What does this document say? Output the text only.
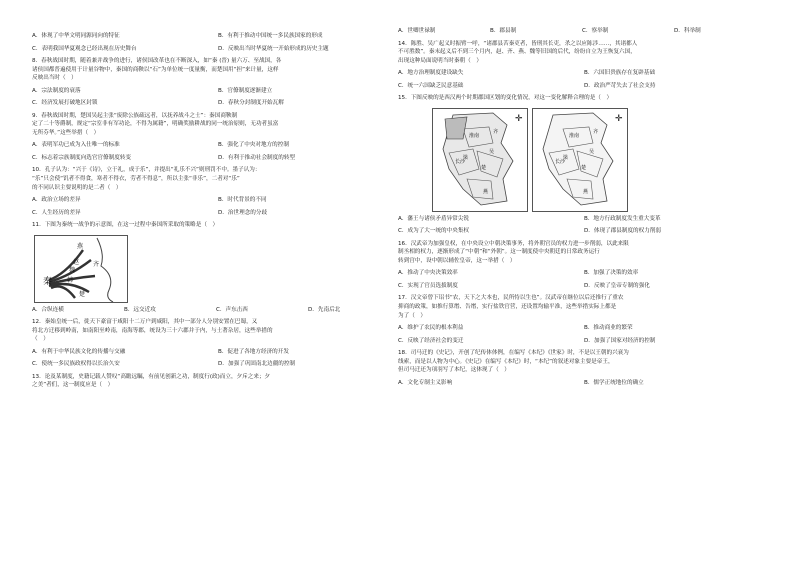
A．体现了中华文明同源同向的特征	B．有利于推动中国统一多民族国家的形成
C．表明我国华夏观念已经出现在历史舞台	D．反映出当时华夏统一开始形成的历史主题
8．春秋战国时期，随着兼并战争的进行，诸侯国改革也在不断深入，如“秦 (晋) 量六万、至战国，各
诸侯国都普遍使用于计量谷物中，秦国的商鞅以“石”为单位统一度量衡，而楚国用“担”来计量，这样
反映出当时（　）
A．宗法制度的衰落	B．官僚制度逐渐建立
C．经济发展打破地区封锁	D．春秋分封制度开始瓦解
9．春秋战国时期，楚国吴起主张“废除公族疏远者，以抚养战斗之士”：秦国商鞅制
定了二十等爵制，规定“宗室非有军功论，不得为属籍”，明确奖励耕战的同一统治原则，无功者虽富
无所芬华。”这些举措（　）
A．表明军功已成为入仕唯一的标准	B．强化了中央对地方的控制
C．标志着宗族制度向选官官僚制度转变	D．有利于推动社会制度的转型
10．孔子认为：“兴于《诗》，立于礼，成于乐”，并提出“礼乐不兴”则刑罚不中。墨子认为：
“乐”只会使“饥者不得食，寒者不得衣，劳者不得息”，所以主张“非乐”，二者对“乐”
的不同认识主要说明的是二者（　）
A．政治立场的差异	B．时代背景的不同
C．人生经历的差异	D．治世理念的分歧
11．下图为秦统一战争的示意图，在这一过程中秦国所采取的策略是（　）
燕
赵
魏
齐
韩
楚
秦
A．合纵连横	B．远交近攻	C．声东击西	D．先南后北
12．秦始皇统一后，徙天下豪富于咸阳十二万户到咸阳，其中一部分人分别安置在巴蜀，又
将北方迁移到岭南，如南阳至岭南，南海等郡，统设为三十六郡并于内，与土著杂居，这些举措的
（　）
A．有利于中华民族文化的传播与交融	B．促进了各地方经济的开发
C．使统一多民族政权得以长治久安	D．加强了巩固南北边疆的控制
13．论及某制度，史籍记载人赞叹“高瞻远瞩，有前见创新之功，制度行(政)而立，夕斥之来；夕
之美”者们，这一制度应是（　）
A．世卿世禄制	B．郡县制	C．察举制	D．科举制
14．陈胜、吴广起义时振臂一呼，“诸郡县苦秦吏者，皆刑其长吏，杀之以应陈涉……，其诸都人
不可胜数”。秦末起义后不到三个月内，赵、齐、燕、魏等旧国的后代，纷纷自立为王恢复六国，
出现这种局面说明当时秦朝（　）
A．地方治理制度建设缺失	B．六国旧贵族存在复辟基础
C．统一六国缺乏民意基础	D．政治严苛失去了社会支持
15．下图反映的是西汉两个时期郡国区划的变化情况，对这一变化解释合理的是（　）
✛
长沙
淮南
吴
楚
梁
齐
燕
✛
长沙
淮南
吴
楚
梁
齐
燕
A．藩王与诸侯矛盾异常尖锐	B．地方行政制度发生重大变革
C．成为了大一统的中央集权	D．体现了郡县制度的权力削弱
16．汉武帝为加强皇权，在中央设立中朝决策事务，将外朝官员的权力进一步削弱，以此来限
制丞相的权力，逐渐形成了“中朝”和“外朝”。这一制度使中央朝廷的日常政务运行
转到宫中，设中朝以辅佐皇帝，这一举措（　）
A．推动了中央决策效率	B．加强了决策的效率
C．实现了官员选拔制度	D．反映了皇帝专制的强化
17．汉文帝曾下诏书“农，天下之大本也，民所恃以生也”。汉武帝在继位以后还推行了重农
抑商的政策，如推行算缗、告缗，实行盐铁官营，还设置均输平准，这些举措实际上都是
为了（　）
A．维护了农民的根本利益	B．推动商业的繁荣
C．反映了经济社会的变迁	D．加强了国家对经济的控制
18．司马迁的《史记》，开创了纪传体体例，在编写《本纪》《世家》时，不是以王朝的兴衰为
线索，而是以人物为中心。《史记》在编写《本纪》时，“本纪”的叙述对象主要是帝王，
但司马迁还为项羽写了本纪，这体现了（　）
A．文化专制主义影响	B．儒学正统地位的确立
